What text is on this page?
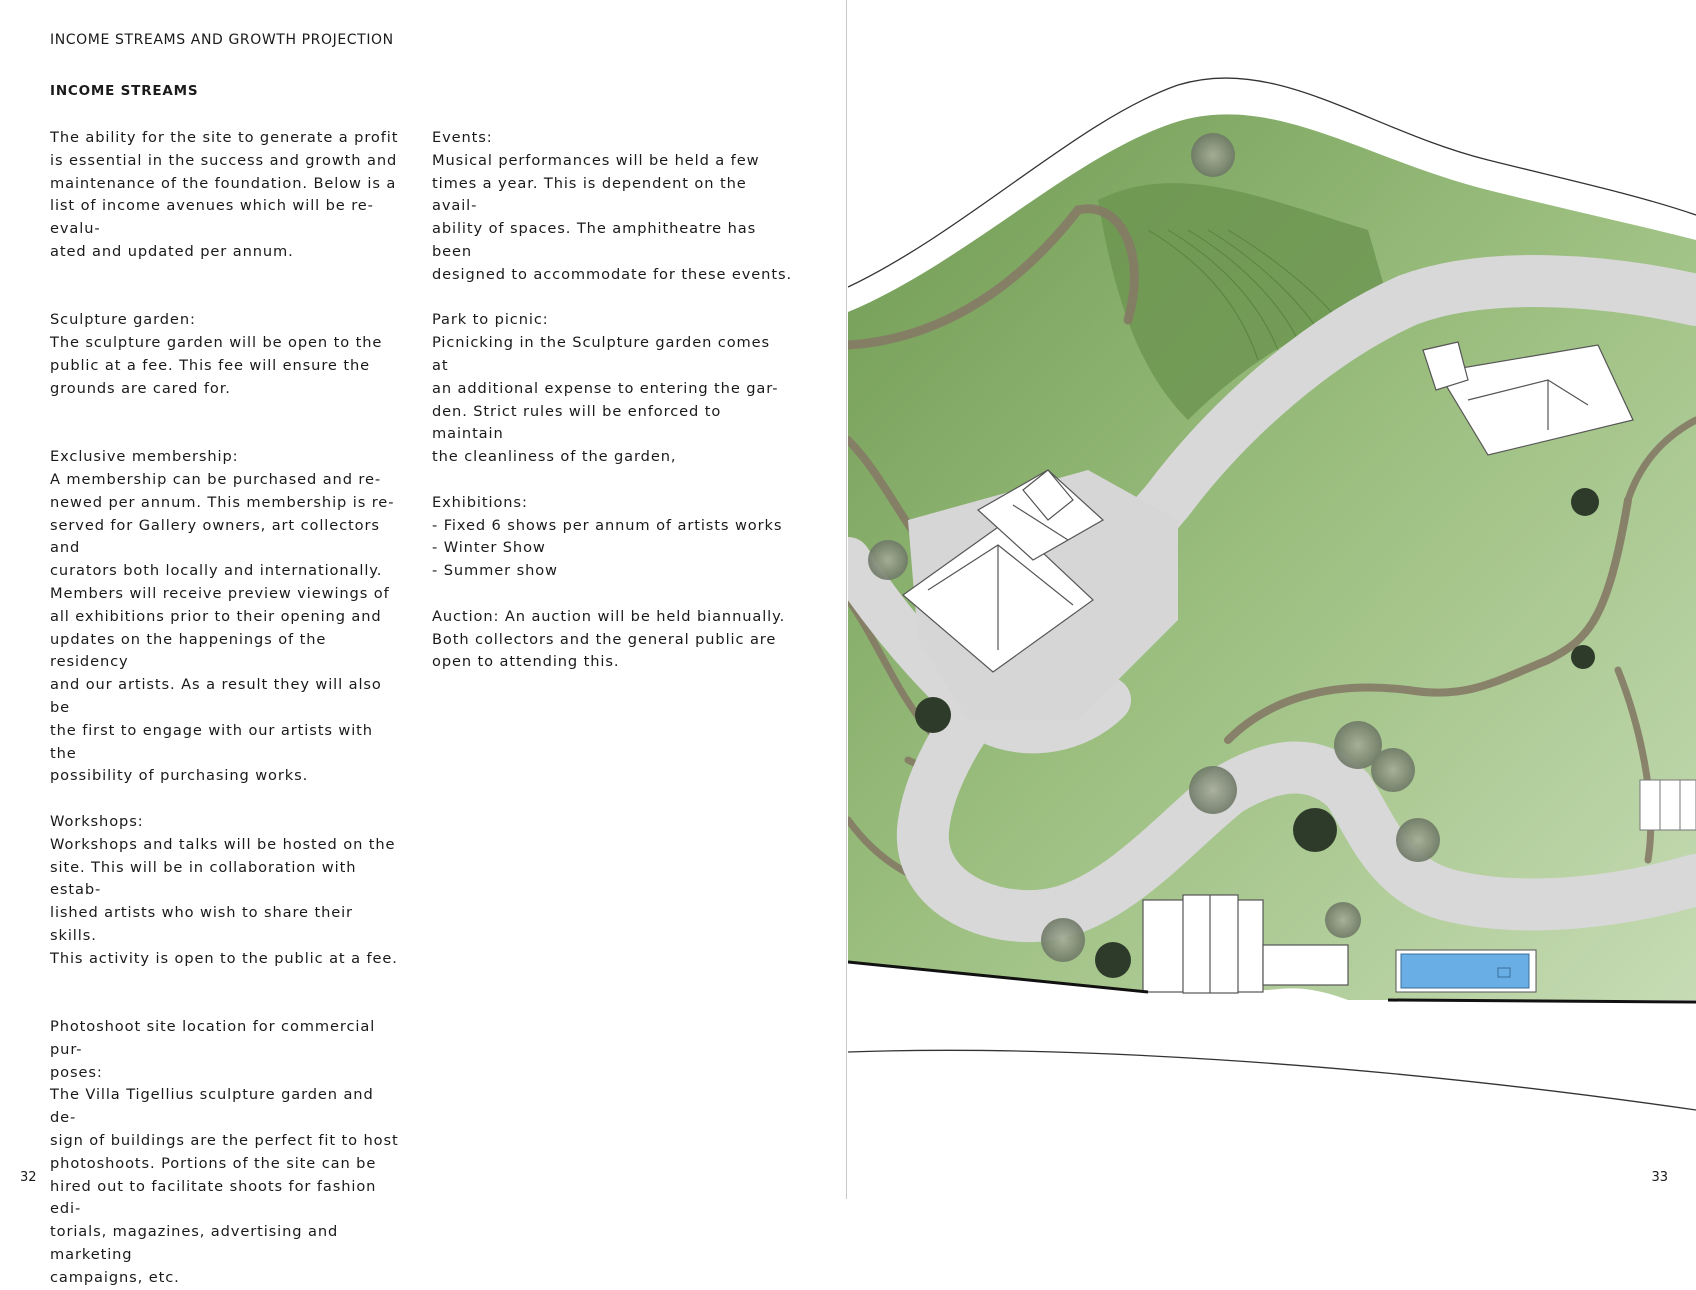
INCOME STREAMS AND GROWTH PROJECTION
INCOME STREAMS

The ability for the site to generate a profit
is essential in the success and growth and
maintenance of the foundation. Below is a
list of income avenues which will be re-evalu-
ated and updated per annum.

Sculpture garden:
The sculpture garden will be open to the
public at a fee. This fee will ensure the
grounds are cared for.

Exclusive membership:
A membership can be purchased and re-
newed per annum. This membership is re-
served for Gallery owners, art collectors and
curators both locally and internationally.
Members will receive preview viewings of
all exhibitions prior to their opening and
updates on the happenings of the residency
and our artists. As a result they will also be
the first to engage with our artists with the
possibility of purchasing works.

Workshops:
Workshops and talks will be hosted on the
site. This will be in collaboration with estab-
lished artists who wish to share their skills.
This activity is open to the public at a fee.

Photoshoot site location for commercial pur-
poses:
The Villa Tigellius sculpture garden and de-
sign of buildings are the perfect fit to host
photoshoots. Portions of the site can be
hired out to facilitate shoots for fashion edi-
torials, magazines, advertising and marketing
campaigns, etc.

Events:
Musical performances will be held a few
times a year. This is dependent on the avail-
ability of spaces. The amphitheatre has been
designed to accommodate for these events.

Park to picnic:
Picnicking in the Sculpture garden comes at
an additional expense to entering the gar-
den. Strict rules will be enforced to maintain
the cleanliness of the garden,

Exhibitions:
- Fixed 6 shows per annum of artists works
- Winter Show
- Summer show

Auction: An auction will be held biannually.
Both collectors and the general public are
open to attending this.

32	33
